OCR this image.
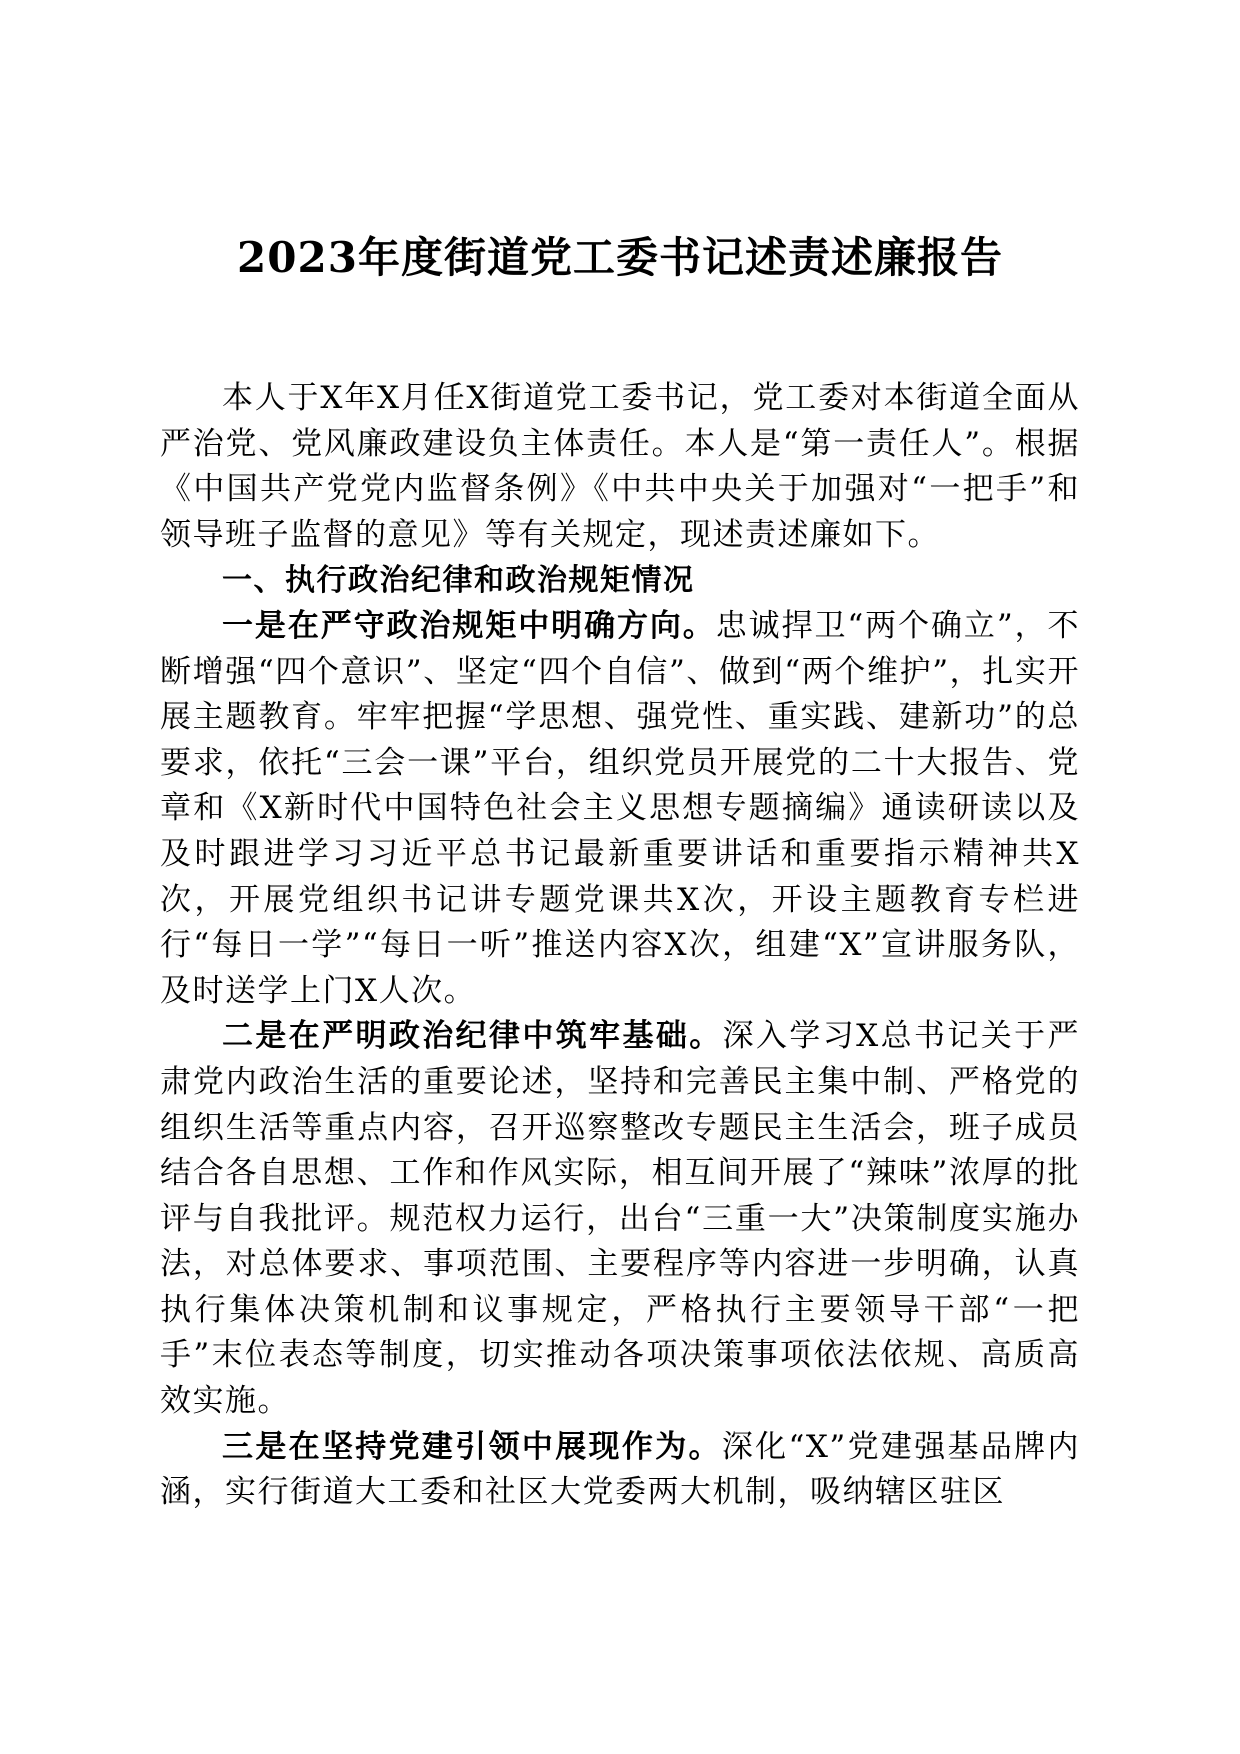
2023年度街道党工委书记述责述廉报告

本人于X年X月任X街道党工委书记，党工委对本街道全面从严治党、党风廉政建设负主体责任。本人是“第一责任人”。根据《中国共产党党内监督条例》《中共中央关于加强对“一把手”和领导班子监督的意见》等有关规定，现述责述廉如下。

一、执行政治纪律和政治规矩情况

一是在严守政治规矩中明确方向。忠诚捍卫“两个确立”，不断增强“四个意识”、坚定“四个自信”、做到“两个维护”，扎实开展主题教育。牢牢把握“学思想、强党性、重实践、建新功”的总要求，依托“三会一课”平台，组织党员开展党的二十大报告、党章和《X新时代中国特色社会主义思想专题摘编》通读研读以及及时跟进学习习近平总书记最新重要讲话和重要指示精神共X次，开展党组织书记讲专题党课共X次，开设主题教育专栏进行“每日一学”“每日一听”推送内容X次，组建“X”宣讲服务队，及时送学上门X人次。

二是在严明政治纪律中筑牢基础。深入学习X总书记关于严肃党内政治生活的重要论述，坚持和完善民主集中制、严格党的组织生活等重点内容，召开巡察整改专题民主生活会，班子成员结合各自思想、工作和作风实际，相互间开展了“辣味”浓厚的批评与自我批评。规范权力运行，出台“三重一大”决策制度实施办法，对总体要求、事项范围、主要程序等内容进一步明确，认真执行集体决策机制和议事规定，严格执行主要领导干部“一把手”末位表态等制度，切实推动各项决策事项依法依规、高质高效实施。

三是在坚持党建引领中展现作为。深化“X”党建强基品牌内涵，实行街道大工委和社区大党委两大机制，吸纳辖区驻区
